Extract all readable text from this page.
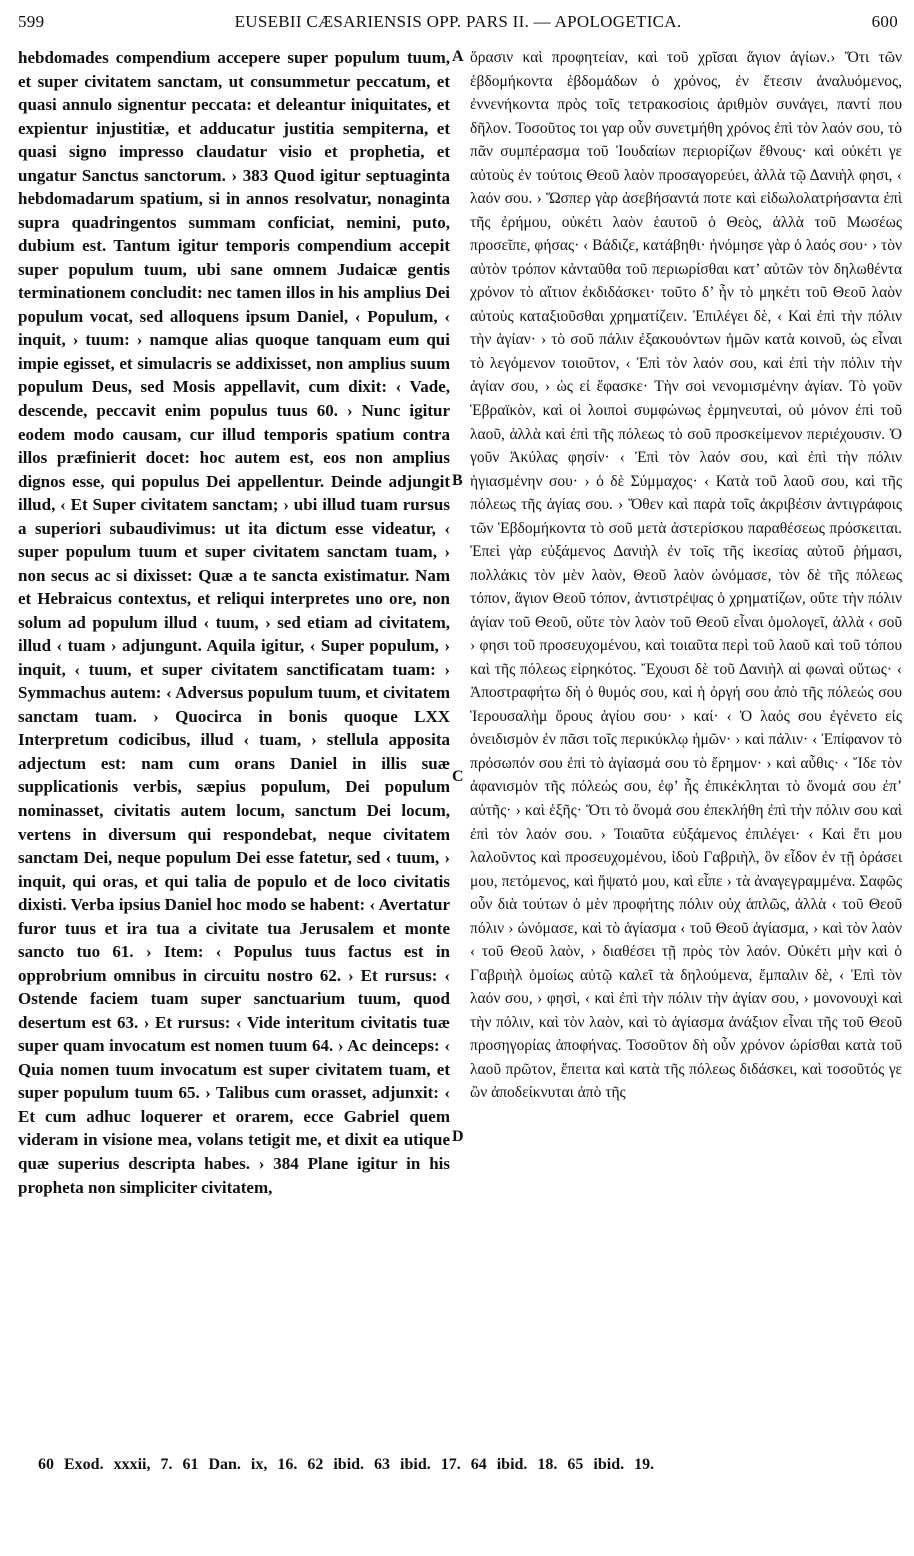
599	EUSEBII CÆSARIENSIS OPP. PARS II. — APOLOGETICA.	600

hebdomades compendium accepere super populum tuum, et super civitatem sanctam, ut consummetur peccatum, et quasi annulo signentur peccata: et deleantur iniquitates, et expientur injustitiæ, et adducatur justitia sempiterna, et quasi signo impresso claudatur visio et prophetia, et ungatur Sanctus sanctorum. › 383 Quod igitur septuaginta hebdomadarum spatium, si in annos resolvatur, nonaginta supra quadringentos summam conficiat, nemini, puto, dubium est. Tantum igitur temporis compendium accepit super populum tuum, ubi sane omnem Judaicæ gentis terminationem concludit: nec tamen illos in his amplius Dei populum vocat, sed alloquens ipsum Daniel, ‹ Populum, ‹ inquit, › tuum: › namque alias quoque tanquam eum qui impie egisset, et simulacris se addixisset, non amplius suum populum Deus, sed Mosis appellavit, cum dixit: ‹ Vade, descende, peccavit enim populus tuus 60. › Nunc igitur eodem modo causam, cur illud temporis spatium contra illos præfinierit docet: hoc autem est, eos non amplius dignos esse, qui populus Dei appellentur. Deinde adjungit illud, ‹ Et Super civitatem sanctam; › ubi illud tuam rursus a superiori subaudivimus: ut ita dictum esse videatur, ‹ super populum tuum et super civitatem sanctam tuam, › non secus ac si dixisset: Quæ a te sancta existimatur. Nam et Hebraicus contextus, et reliqui interpretes uno ore, non solum ad populum illud ‹ tuum, › sed etiam ad civitatem, illud ‹ tuam › adjungunt. Aquila igitur, ‹ Super populum, › inquit, ‹ tuum, et super civitatem sanctificatam tuam: › Symmachus autem: ‹ Adversus populum tuum, et civitatem sanctam tuam. › Quocirca in bonis quoque LXX Interpretum codicibus, illud ‹ tuam, › stellula apposita adjectum est: nam cum orans Daniel in illis suæ supplicationis verbis, sæpius populum, Dei populum nominasset, civitatis autem locum, sanctum Dei locum, vertens in diversum qui respondebat, neque civitatem sanctam Dei, neque populum Dei esse fatetur, sed ‹ tuum, › inquit, qui oras, et qui talia de populo et de loco civitatis dixisti. Verba ipsius Daniel hoc modo se habent: ‹ Avertatur furor tuus et ira tua a civitate tua Jerusalem et monte sancto tuo 61. › Item: ‹ Populus tuus factus est in opprobrium omnibus in circuitu nostro 62. › Et rursus: ‹ Ostende faciem tuam super sanctuarium tuum, quod desertum est 63. › Et rursus: ‹ Vide interitum civitatis tuæ super quam invocatum est nomen tuum 64. › Ac deinceps: ‹ Quia nomen tuum invocatum est super civitatem tuam, et super populum tuum 65. › Talibus cum orasset, adjunxit: ‹ Et cum adhuc loquerer et orarem, ecce Gabriel quem videram in visione mea, volans tetigit me, et dixit ea utique quæ superius descripta habes. › 384 Plane igitur in his propheta non simpliciter civitatem,

ὅρασιν καὶ προφητείαν, καὶ τοῦ χρῖσαι ἅγιον ἁγίων.› Ὅτι τῶν ἑβδομήκοντα ἑβδομάδων ὁ χρόνος, ἐν ἔτεσιν ἀναλυόμενος, ἐννενήκοντα πρὸς τοῖς τετρακοσίοις ἀριθμὸν συνάγει, παντί που δῆλον. Τοσοῦτος τοι γαρ οὖν συνετμήθη χρόνος ἐπὶ τὸν λαόν σου, τὸ πᾶν συμπέρασμα τοῦ Ἰουδαίων περιορίζων ἔθνους· καὶ οὐκέτι γε αὐτοὺς ἐν τούτοις Θεοῦ λαὸν προσαγορεύει, ἀλλὰ τῷ Δανιὴλ φησι, ‹ λαόν σου. › Ὥσπερ γὰρ ἀσεβήσαντά ποτε καὶ εἰδωλολατρήσαντα ἐπὶ τῆς ἐρήμου, οὐκέτι λαὸν ἑαυτοῦ ὁ Θεὸς, ἀλλὰ τοῦ Μωσέως προσεῖπε, φήσας· ‹ Βάδιζε, κατάβηθι· ἠνόμησε γὰρ ὁ λαός σου· › τὸν αὐτὸν τρόπον κἀνταῦθα τοῦ περιωρίσθαι κατ’ αὐτῶν τὸν δηλωθέντα χρόνον τὸ αἴτιον ἐκδιδάσκει· τοῦτο δ’ ἦν τὸ μηκέτι τοῦ Θεοῦ λαὸν αὐτοὺς καταξιοῦσθαι χρηματίζειν. Ἐπιλέγει δὲ, ‹ Καὶ ἐπὶ τὴν πόλιν τὴν ἁγίαν· › τὸ σοῦ πάλιν ἐξακουόντων ἡμῶν κατὰ κοινοῦ, ὡς εἶναι τὸ λεγόμενον τοιοῦτον, ‹ Ἐπὶ τὸν λαόν σου, καὶ ἐπὶ τὴν πόλιν τὴν ἁγίαν σου, › ὡς εἰ ἔφασκε· Τὴν σοὶ νενομισμένην ἁγίαν. Τὸ γοῦν Ἑβραϊκὸν, καὶ οἱ λοιποὶ συμφώνως ἑρμηνευταὶ, οὐ μόνον ἐπὶ τοῦ λαοῦ, ἀλλὰ καὶ ἐπὶ τῆς πόλεως τὸ σοῦ προσκείμενον περιέχουσιν. Ὁ γοῦν Ἀκύλας φησίν· ‹ Ἐπὶ τὸν λαόν σου, καὶ ἐπὶ τὴν πόλιν ἡγιασμένην σου· › ὁ δὲ Σύμμαχος· ‹ Κατὰ τοῦ λαοῦ σου, καὶ τῆς πόλεως τῆς ἁγίας σου. › Ὅθεν καὶ παρὰ τοῖς ἀκριβέσιν ἀντιγράφοις τῶν Ἑβδομήκοντα τὸ σοῦ μετὰ ἀστερίσκου παραθέσεως πρόσκειται. Ἐπεὶ γὰρ εὐξάμενος Δανιὴλ ἐν τοῖς τῆς ἱκεσίας αὐτοῦ ῥήμασι, πολλάκις τὸν μὲν λαὸν, Θεοῦ λαὸν ὠνόμασε, τὸν δὲ τῆς πόλεως τόπον, ἅγιον Θεοῦ τόπον, ἀντιστρέψας ὁ χρηματίζων, οὔτε τὴν πόλιν ἁγίαν τοῦ Θεοῦ, οὔτε τὸν λαὸν τοῦ Θεοῦ εἶναι ὁμολογεῖ, ἀλλὰ ‹ σοῦ › φησι τοῦ προσευχομένου, καὶ τοιαῦτα περὶ τοῦ λαοῦ καὶ τοῦ τόπου καὶ τῆς πόλεως εἰρηκότος. Ἔχουσι δὲ τοῦ Δανιὴλ αἱ φωναὶ οὕτως· ‹ Ἀποστραφήτω δὴ ὁ θυμός σου, καὶ ἡ ὀργή σου ἀπὸ τῆς πόλεώς σου Ἱερουσαλὴμ ὄρους ἁγίου σου· › καί· ‹ Ὁ λαός σου ἐγένετο εἰς ὀνειδισμὸν ἐν πᾶσι τοῖς περικύκλῳ ἡμῶν· › καὶ πάλιν· ‹ Ἐπίφανον τὸ πρόσωπόν σου ἐπὶ τὸ ἁγίασμά σου τὸ ἔρημον· › καὶ αὖθις· ‹ Ἴδε τὸν ἀφανισμὸν τῆς πόλεώς σου, ἐφ’ ἧς ἐπικέκληται τὸ ὄνομά σου ἐπ’ αὐτῆς· › καὶ ἑξῆς· Ὅτι τὸ ὄνομά σου ἐπεκλήθη ἐπὶ τὴν πόλιν σου καὶ ἐπὶ τὸν λαόν σου. › Τοιαῦτα εὐξάμενος ἐπιλέγει· ‹ Καὶ ἔτι μου λαλοῦντος καὶ προσευχομένου, ἰδοὺ Γαβριὴλ, ὃν εἶδον ἐν τῇ ὁράσει μου, πετόμενος, καὶ ἥψατό μου, καὶ εἶπε › τὰ ἀναγεγραμμένα. Σαφῶς οὖν διὰ τούτων ὁ μὲν προφήτης πόλιν οὐχ ἁπλῶς, ἀλλὰ ‹ τοῦ Θεοῦ πόλιν › ὠνόμασε, καὶ τὸ ἁγίασμα ‹ τοῦ Θεοῦ ἁγίασμα, › καὶ τὸν λαὸν ‹ τοῦ Θεοῦ λαὸν, › διαθέσει τῇ πρὸς τὸν λαόν. Οὐκέτι μὴν καὶ ὁ Γαβριὴλ ὁμοίως αὐτῷ καλεῖ τὰ δηλούμενα, ἔμπαλιν δὲ, ‹ Ἐπὶ τὸν λαόν σου, › φησὶ, ‹ καὶ ἐπὶ τὴν πόλιν τὴν ἁγίαν σου, › μονονουχὶ καὶ τὴν πόλιν, καὶ τὸν λαὸν, καὶ τὸ ἁγίασμα ἀνάξιον εἶναι τῆς τοῦ Θεοῦ προσηγορίας ἀποφήνας. Τοσοῦτον δὴ οὖν χρόνον ὡρίσθαι κατὰ τοῦ λαοῦ πρῶτον, ἔπειτα καὶ κατὰ τῆς πόλεως διδάσκει, καὶ τοσοῦτός γε ὢν ἀποδείκνυται ἀπὸ τῆς

A
B
C
D
60 Exod. xxxii, 7. 61 Dan. ix, 16. 62 ibid. 63 ibid. 17. 64 ibid. 18. 65 ibid. 19.
